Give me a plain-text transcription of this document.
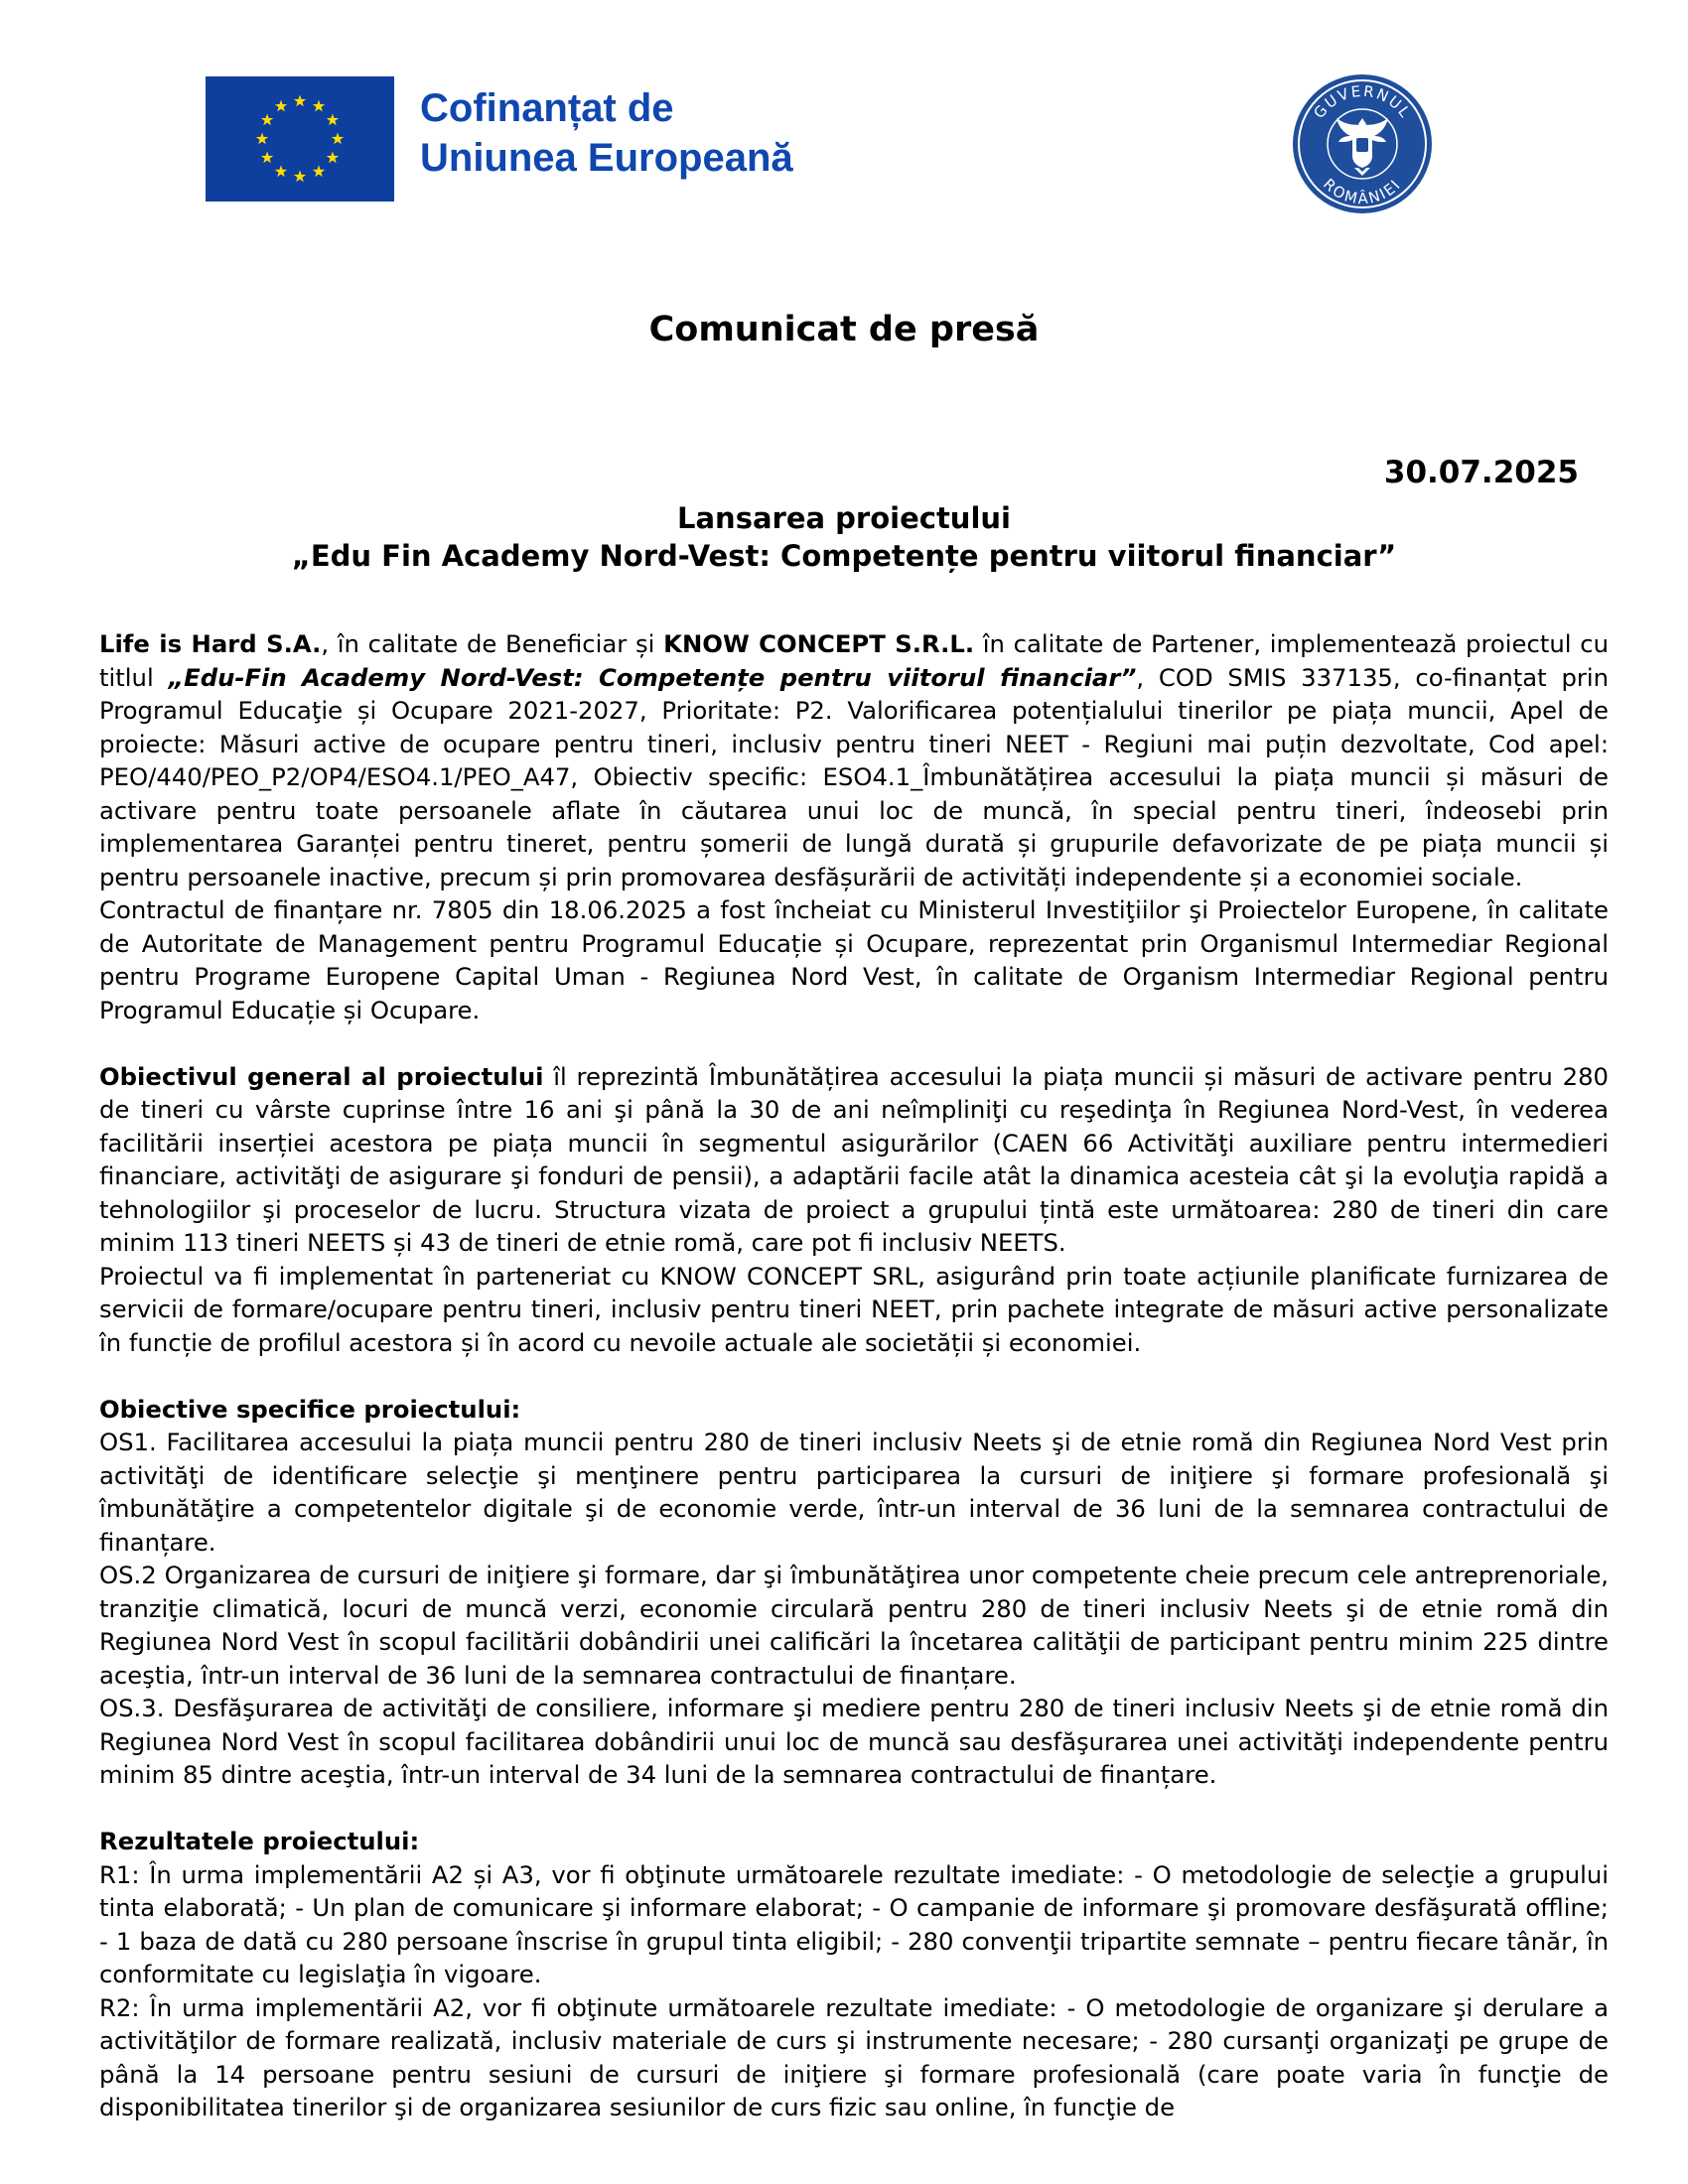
Cofinanțat de
Uniunea Europeană
GUVERNUL
ROMÂNIEI
Comunicat de presă
30.07.2025
Lansarea proiectului
„Edu Fin Academy Nord-Vest: Competențe pentru viitorul financiar”

Life is Hard S.A., în calitate de Beneficiar și KNOW CONCEPT S.R.L. în calitate de Partener, implementează proiectul cu titlul „Edu-Fin Academy Nord-Vest: Competențe pentru viitorul financiar”, COD SMIS 337135, co-finanțat prin Programul Educaţie și Ocupare 2021-2027, Prioritate: P2. Valorificarea potențialului tinerilor pe piața muncii, Apel de proiecte: Măsuri active de ocupare pentru tineri, inclusiv pentru tineri NEET - Regiuni mai puțin dezvoltate, Cod apel: PEO/440/PEO_P2/OP4/ESO4.1/PEO_A47, Obiectiv specific: ESO4.1_Îmbunătățirea accesului la piața muncii și măsuri de activare pentru toate persoanele aflate în căutarea unui loc de muncă, în special pentru tineri, îndeosebi prin implementarea Garanței pentru tineret, pentru șomerii de lungă durată și grupurile defavorizate de pe piața muncii și pentru persoanele inactive, precum și prin promovarea desfășurării de activități independente și a economiei sociale.

Contractul de finanțare nr. 7805 din 18.06.2025 a fost încheiat cu Ministerul Investiţiilor şi Proiectelor Europene, în calitate de Autoritate de Management pentru Programul Educație și Ocupare, reprezentat prin Organismul Intermediar Regional pentru Programe Europene Capital Uman - Regiunea Nord Vest, în calitate de Organism Intermediar Regional pentru Programul Educație și Ocupare.

Obiectivul general al proiectului îl reprezintă Îmbunătățirea accesului la piața muncii și măsuri de activare pentru 280 de tineri cu vârste cuprinse între 16 ani şi până la 30 de ani neîmpliniţi cu reşedinţa în Regiunea Nord-Vest, în vederea facilitării inserției acestora pe piața muncii în segmentul asigurărilor (CAEN 66 Activităţi auxiliare pentru intermedieri financiare, activităţi de asigurare şi fonduri de pensii), a adaptării facile atât la dinamica acesteia cât şi la evoluţia rapidă a tehnologiilor şi proceselor de lucru. Structura vizata de proiect a grupului țintă este următoarea: 280 de tineri din care minim 113 tineri NEETS și 43 de tineri de etnie romă, care pot fi inclusiv NEETS.

Proiectul va fi implementat în parteneriat cu KNOW CONCEPT SRL, asigurând prin toate acțiunile planificate furnizarea de servicii de formare/ocupare pentru tineri, inclusiv pentru tineri NEET, prin pachete integrate de măsuri active personalizate în funcție de profilul acestora și în acord cu nevoile actuale ale societății și economiei.

Obiective specifice proiectului:

OS1. Facilitarea accesului la piața muncii pentru 280 de tineri inclusiv Neets şi de etnie romă din Regiunea Nord Vest prin activităţi de identificare selecţie şi menţinere pentru participarea la cursuri de iniţiere şi formare profesională şi îmbunătăţire a competentelor digitale şi de economie verde, într-un interval de 36 luni de la semnarea contractului de finanțare.

OS.2 Organizarea de cursuri de iniţiere şi formare, dar şi îmbunătăţirea unor competente cheie precum cele antreprenoriale, tranziţie climatică, locuri de muncă verzi, economie circulară pentru 280 de tineri inclusiv Neets şi de etnie romă din Regiunea Nord Vest în scopul facilitării dobândirii unei calificări la încetarea calităţii de participant pentru minim 225 dintre aceştia, într-un interval de 36 luni de la semnarea contractului de finanțare.

OS.3. Desfăşurarea de activităţi de consiliere, informare şi mediere pentru 280 de tineri inclusiv Neets şi de etnie romă din Regiunea Nord Vest în scopul facilitarea dobândirii unui loc de muncă sau desfăşurarea unei activităţi independente pentru minim 85 dintre aceştia, într-un interval de 34 luni de la semnarea contractului de finanțare.

Rezultatele proiectului:

R1: În urma implementării A2 și A3, vor fi obţinute următoarele rezultate imediate: - O metodologie de selecţie a grupului tinta elaborată; - Un plan de comunicare şi informare elaborat; - O campanie de informare şi promovare desfăşurată offline; - 1 baza de dată cu 280 persoane înscrise în grupul tinta eligibil; - 280 convenţii tripartite semnate – pentru fiecare tânăr, în conformitate cu legislaţia în vigoare.

R2: În urma implementării A2, vor fi obţinute următoarele rezultate imediate: - O metodologie de organizare şi derulare a activităţilor de formare realizată, inclusiv materiale de curs şi instrumente necesare; - 280 cursanţi organizaţi pe grupe de până la 14 persoane pentru sesiuni de cursuri de iniţiere şi formare profesională (care poate varia în funcţie de disponibilitatea tinerilor şi de organizarea sesiunilor de curs fizic sau online, în funcţie de
